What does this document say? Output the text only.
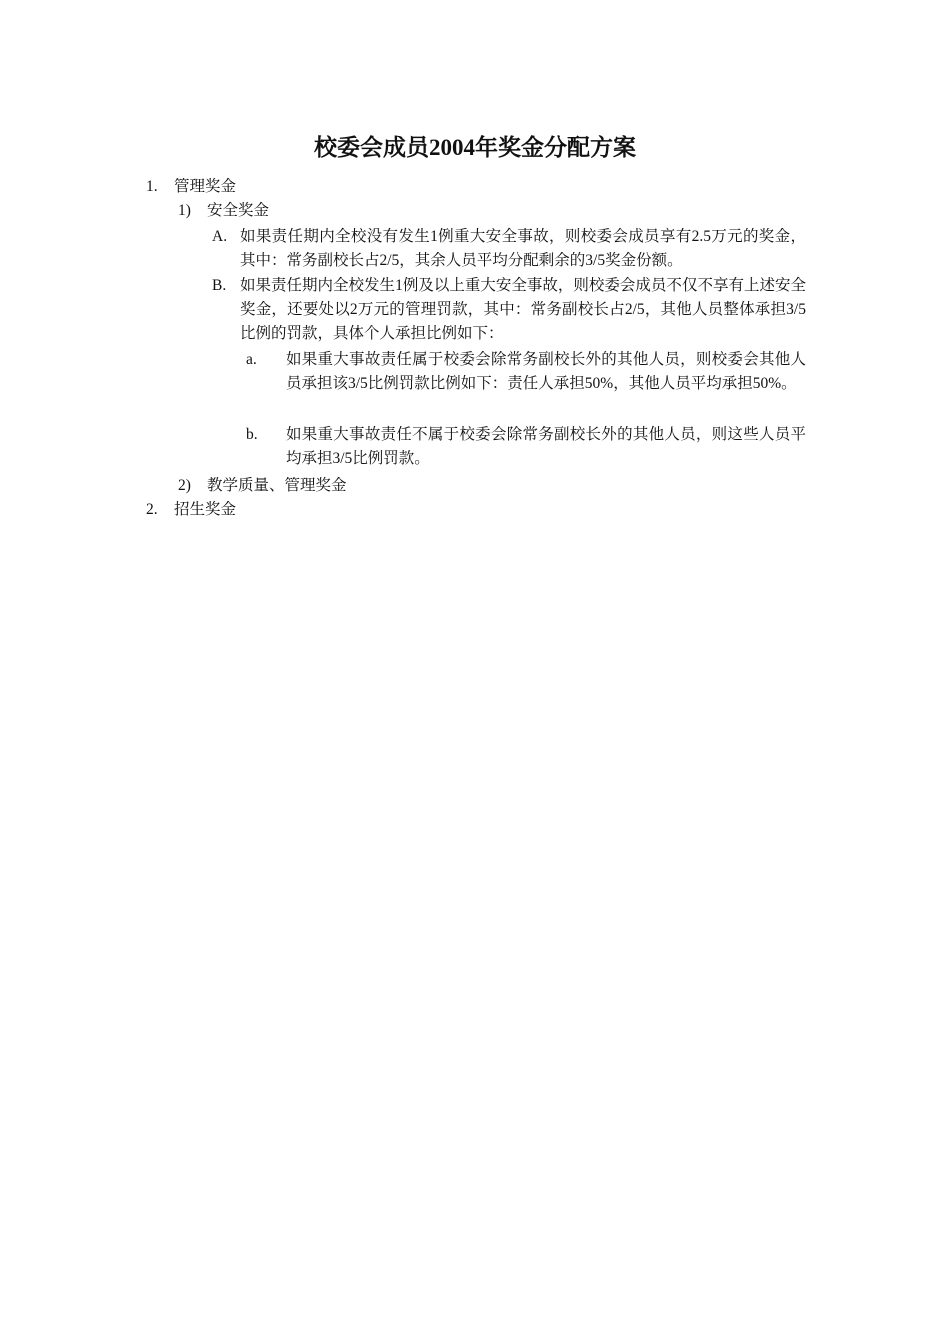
校委会成员2004年奖金分配方案
1. 管理奖金
1) 安全奖金
A. 如果责任期内全校没有发生1例重大安全事故，则校委会成员享有2.5万元的奖金，其中：常务副校长占2/5，其余人员平均分配剩余的3/5奖金份额。
B. 如果责任期内全校发生1例及以上重大安全事故，则校委会成员不仅不享有上述安全奖金，还要处以2万元的管理罚款，其中：常务副校长占2/5，其他人员整体承担3/5比例的罚款，具体个人承担比例如下：
a. 如果重大事故责任属于校委会除常务副校长外的其他人员，则校委会其他人员承担该3/5比例罚款比例如下：责任人承担50%，其他人员平均承担50%。
b. 如果重大事故责任不属于校委会除常务副校长外的其他人员，则这些人员平均承担3/5比例罚款。
2) 教学质量、管理奖金
2. 招生奖金
